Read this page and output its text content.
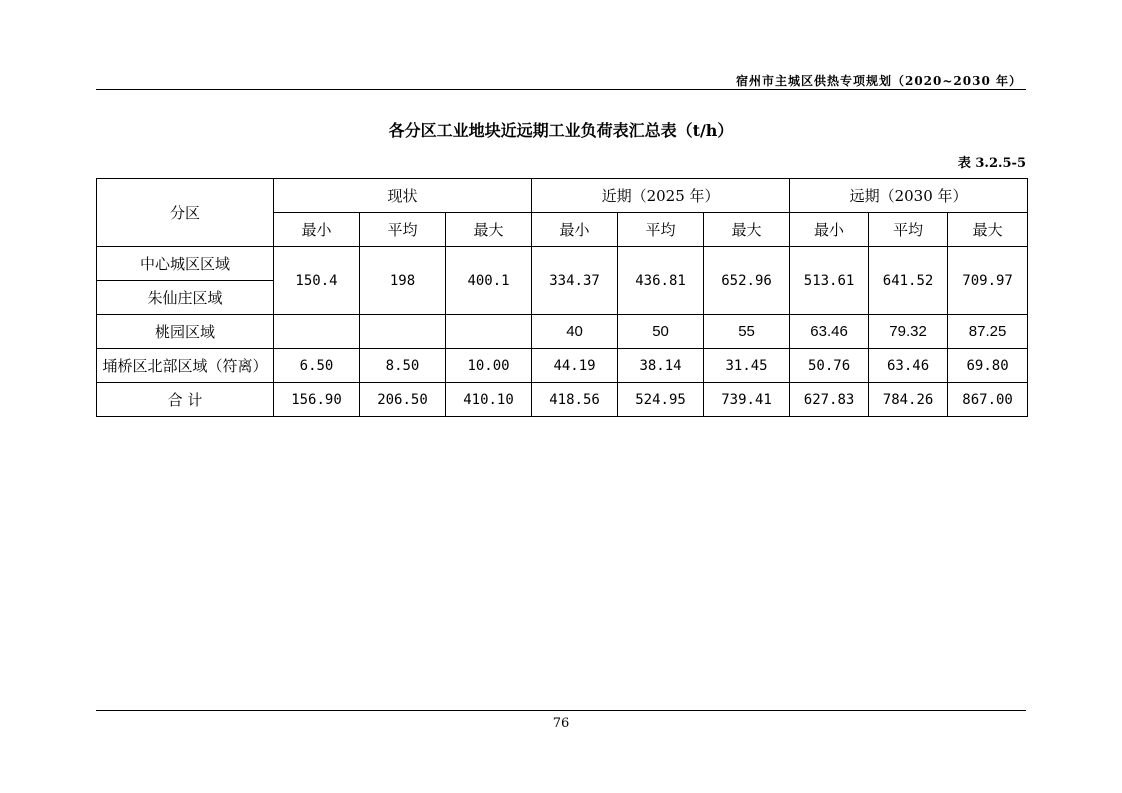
宿州市主城区供热专项规划（2020~2030 年）
各分区工业地块近远期工业负荷表汇总表（t/h）
表 3.2.5-5
分区	现状			近期（2025 年）			远期（2030 年）		
	最小	平均	最大	最小	平均	最大	最小	平均	最大
中心城区区域	150.4	198	400.1	334.37	436.81	652.96	513.61	641.52	709.97
朱仙庄区域									
桃园区域				40	50	55	63.46	79.32	87.25
埇桥区北部区域（符离）	6.50	8.50	10.00	44.19	38.14	31.45	50.76	63.46	69.80
合 计	156.90	206.50	410.10	418.56	524.95	739.41	627.83	784.26	867.00
76
